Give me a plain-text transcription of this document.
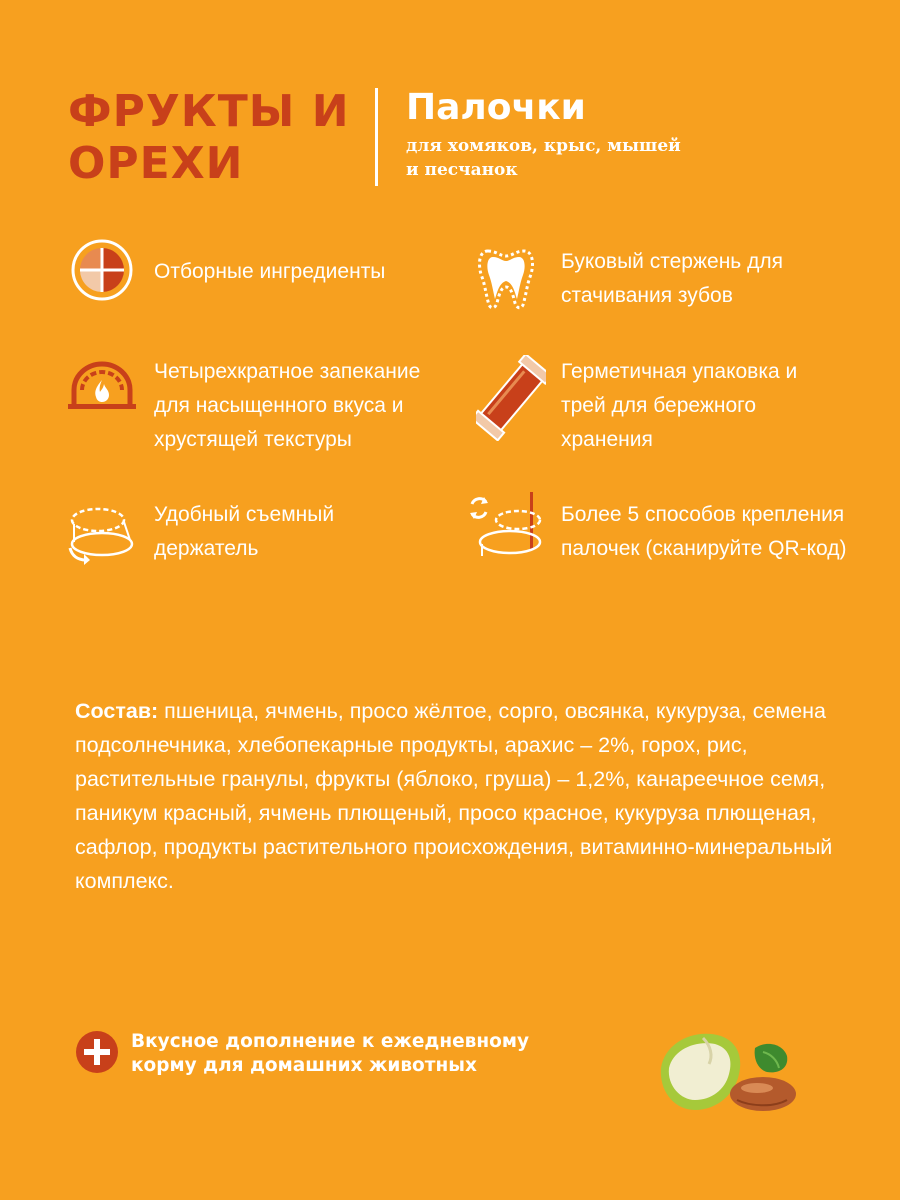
ФРУКТЫ И
ОРЕХИ
Палочки
для хомяков, крыс, мышей
и песчанок
Отборные ингредиенты	Буковый стержень для
стачивания зубов
Четырехкратное запекание
для насыщенного вкуса и
хрустящей текстуры
Герметичная упаковка и
трей для бережного
хранения
Удобный съемный
держатель
Более 5 способов крепления
палочек (сканируйте QR-код)
Состав: пшеница, ячмень, просо жёлтое, сорго, овсянка, кукуруза, семена подсолнечника, хлебопекарные продукты, арахис – 2%, горох, рис, растительные гранулы, фрукты (яблоко, груша) – 1,2%, канареечное семя, паникум красный, ячмень плющеный, просо красное, кукуруза плющеная, сафлор, продукты растительного происхождения, витаминно-минеральный комплекс.
Вкусное дополнение к ежедневному
корму для домашних животных
